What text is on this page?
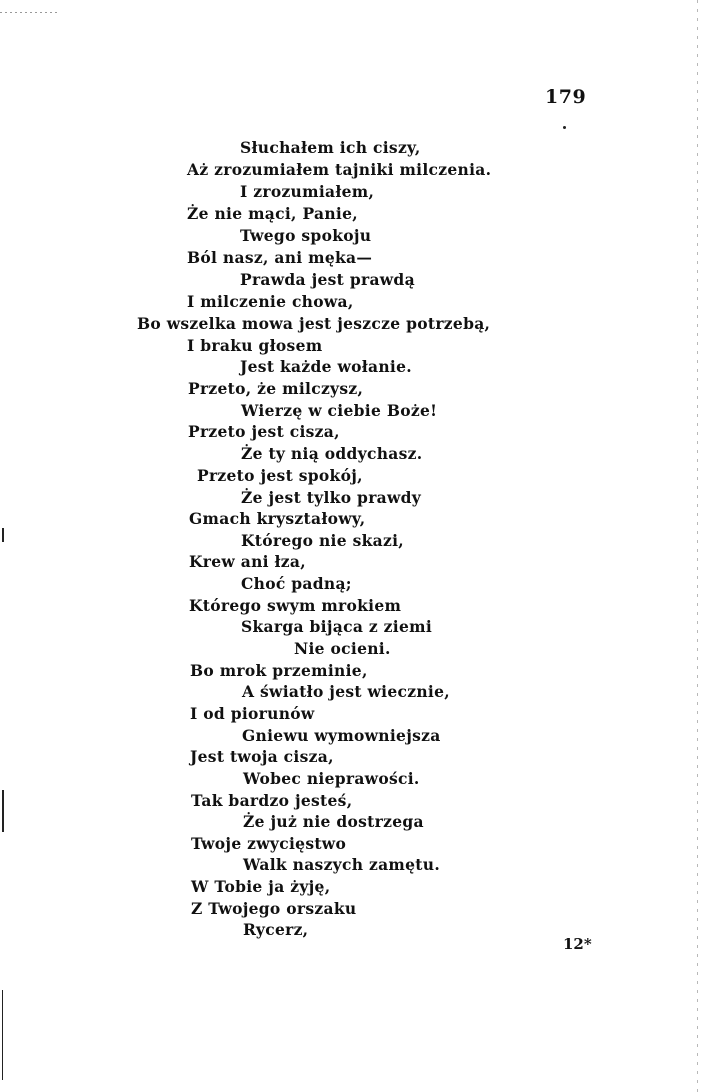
179
Słuchałem ich ciszy,
Aż zrozumiałem tajniki milczenia.
I zrozumiałem,
Że nie mąci, Panie,
Twego spokoju
Ból nasz, ani męka—
Prawda jest prawdą
I milczenie chowa,
Bo wszelka mowa jest jeszcze potrzebą,
I braku głosem
Jest każde wołanie.
Przeto, że milczysz,
Wierzę w ciebie Boże!
Przeto jest cisza,
Że ty nią oddychasz.
Przeto jest spokój,
Że jest tylko prawdy
Gmach kryształowy,
Którego nie skazi,
Krew ani łza,
Choć padną;
Którego swym mrokiem
Skarga bijąca z ziemi
Nie ocieni.
Bo mrok przeminie,
A światło jest wiecznie,
I od piorunów
Gniewu wymowniejsza
Jest twoja cisza,
Wobec nieprawości.
Tak bardzo jesteś,
Że już nie dostrzega
Twoje zwycięstwo
Walk naszych zamętu.
W Tobie ja żyję,
Z Twojego orszaku
Rycerz,
12*
